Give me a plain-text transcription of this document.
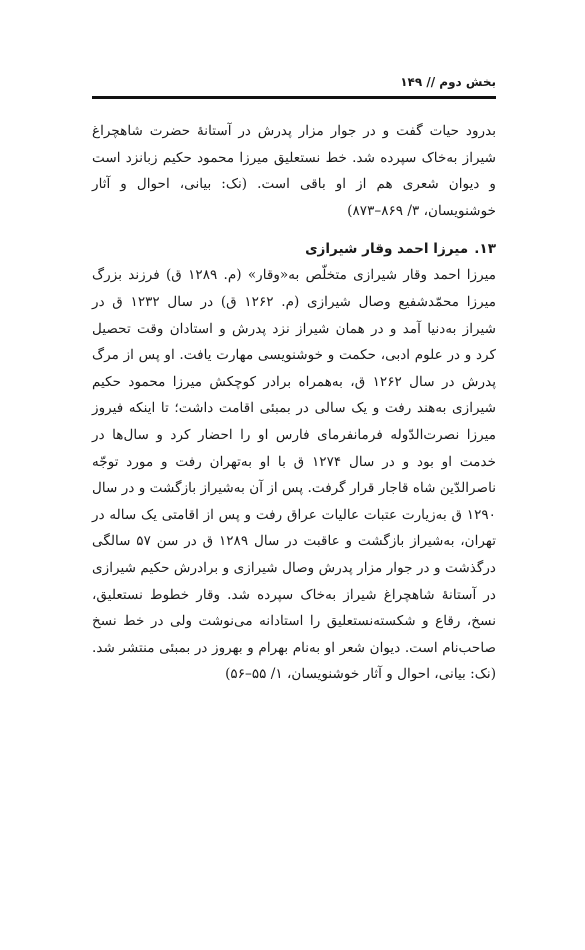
بخش دوم // ۱۴۹

بدرود حیات گفت و در جوار مزار پدرش در آستانهٔ حضرت شاهچراغ شیراز به‌خاک سپرده شد. خط نستعلیق میرزا محمود حکیم زبانزد است و دیوان شعری هم از او باقی است. (نک: بیانی، احوال و آثار خوشنویسان، ۳/ ۸۶۹–۸۷۳)

۱۳.میرزا احمد وقار شیرازی

میرزا احمد وقار شیرازی متخلّص به«وقار» (م. ۱۲۸۹ ق) فرزند بزرگ میرزا محمّدشفیع وصال شیرازی (م. ۱۲۶۲ ق) در سال ۱۲۳۲ ق در شیراز به‌دنیا آمد و در همان شیراز نزد پدرش و استادان وقت تحصیل کرد و در علوم ادبی، حکمت و خوشنویسی مهارت یافت. او پس از مرگ پدرش در سال ۱۲۶۲ ق، به‌همراه برادر کوچکش میرزا محمود حکیم شیرازی به‌هند رفت و یک سالی در بمبئی اقامت داشت؛ تا اینکه فیروز میرزا نصرت‌الدّوله فرمانفرمای فارس او را احضار کرد و سال‌ها در خدمت او بود و در سال ۱۲۷۴ ق با او به‌تهران رفت و مورد توجّه ناصرالدّین شاه قاجار قرار گرفت. پس از آن به‌شیراز بازگشت و در سال ۱۲۹۰ ق به‌زیارت عتبات عالیات عراق رفت و پس از اقامتی یک ساله در تهران، به‌شیراز بازگشت و عاقبت در سال ۱۲۸۹ ق در سن ۵۷ سالگی درگذشت و در جوار مزار پدرش وصال شیرازی و برادرش حکیم شیرازی در آستانهٔ شاهچراغ شیراز به‌خاک سپرده شد. وقار خطوط نستعلیق، نسخ، رقاع و شکسته‌نستعلیق را استادانه می‌نوشت ولی در خط نسخ صاحب‌نام است. دیوان شعر او به‌نام بهرام و بهروز در بمبئی منتشر شد. (نک: بیانی، احوال و آثار خوشنویسان، ۱/ ۵۵–۵۶)
